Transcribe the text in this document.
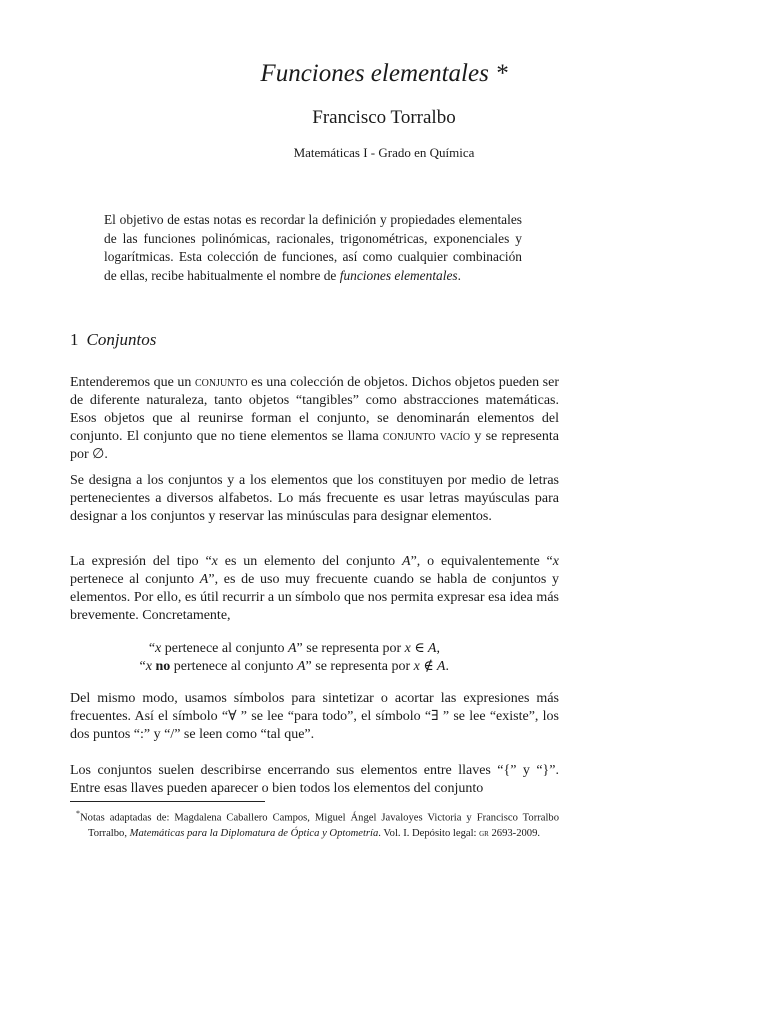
Funciones elementales *
Francisco Torralbo
Matemáticas I - Grado en Química
El objetivo de estas notas es recordar la definición y propiedades elementales de las funciones polinómicas, racionales, trigonométricas, exponenciales y logarítmicas. Esta colección de funciones, así como cualquier combinación de ellas, recibe habitualmente el nombre de funciones elementales.
1 Conjuntos
Entenderemos que un conjunto es una colección de objetos. Dichos objetos pueden ser de diferente naturaleza, tanto objetos “tangibles” como abstracciones matemáticas. Esos objetos que al reunirse forman el conjunto, se denominarán elementos del conjunto. El conjunto que no tiene elementos se llama conjunto vacío y se representa por ∅.
Se designa a los conjuntos y a los elementos que los constituyen por medio de letras pertenecientes a diversos alfabetos. Lo más frecuente es usar letras mayúsculas para designar a los conjuntos y reservar las minúsculas para designar elementos.
La expresión del tipo “x es un elemento del conjunto A”, o equivalentemente “x pertenece al conjunto A”, es de uso muy frecuente cuando se habla de conjuntos y elementos. Por ello, es útil recurrir a un símbolo que nos permita expresar esa idea más brevemente. Concretamente,
“x pertenece al conjunto A” se representa por x ∈ A,
“x no pertenece al conjunto A” se representa por x ∉ A.
Del mismo modo, usamos símbolos para sintetizar o acortar las expresiones más frecuentes. Así el símbolo “∀ ” se lee “para todo”, el símbolo “∃ ” se lee “existe”, los dos puntos “:” y “/” se leen como “tal que”.
Los conjuntos suelen describirse encerrando sus elementos entre llaves “{” y “}”. Entre esas llaves pueden aparecer o bien todos los elementos del conjunto
*Notas adaptadas de: Magdalena Caballero Campos, Miguel Ángel Javaloyes Victoria y Francisco Torralbo Torralbo, Matemáticas para la Diplomatura de Óptica y Optometría. Vol. I. Depósito legal: gr 2693-2009.
